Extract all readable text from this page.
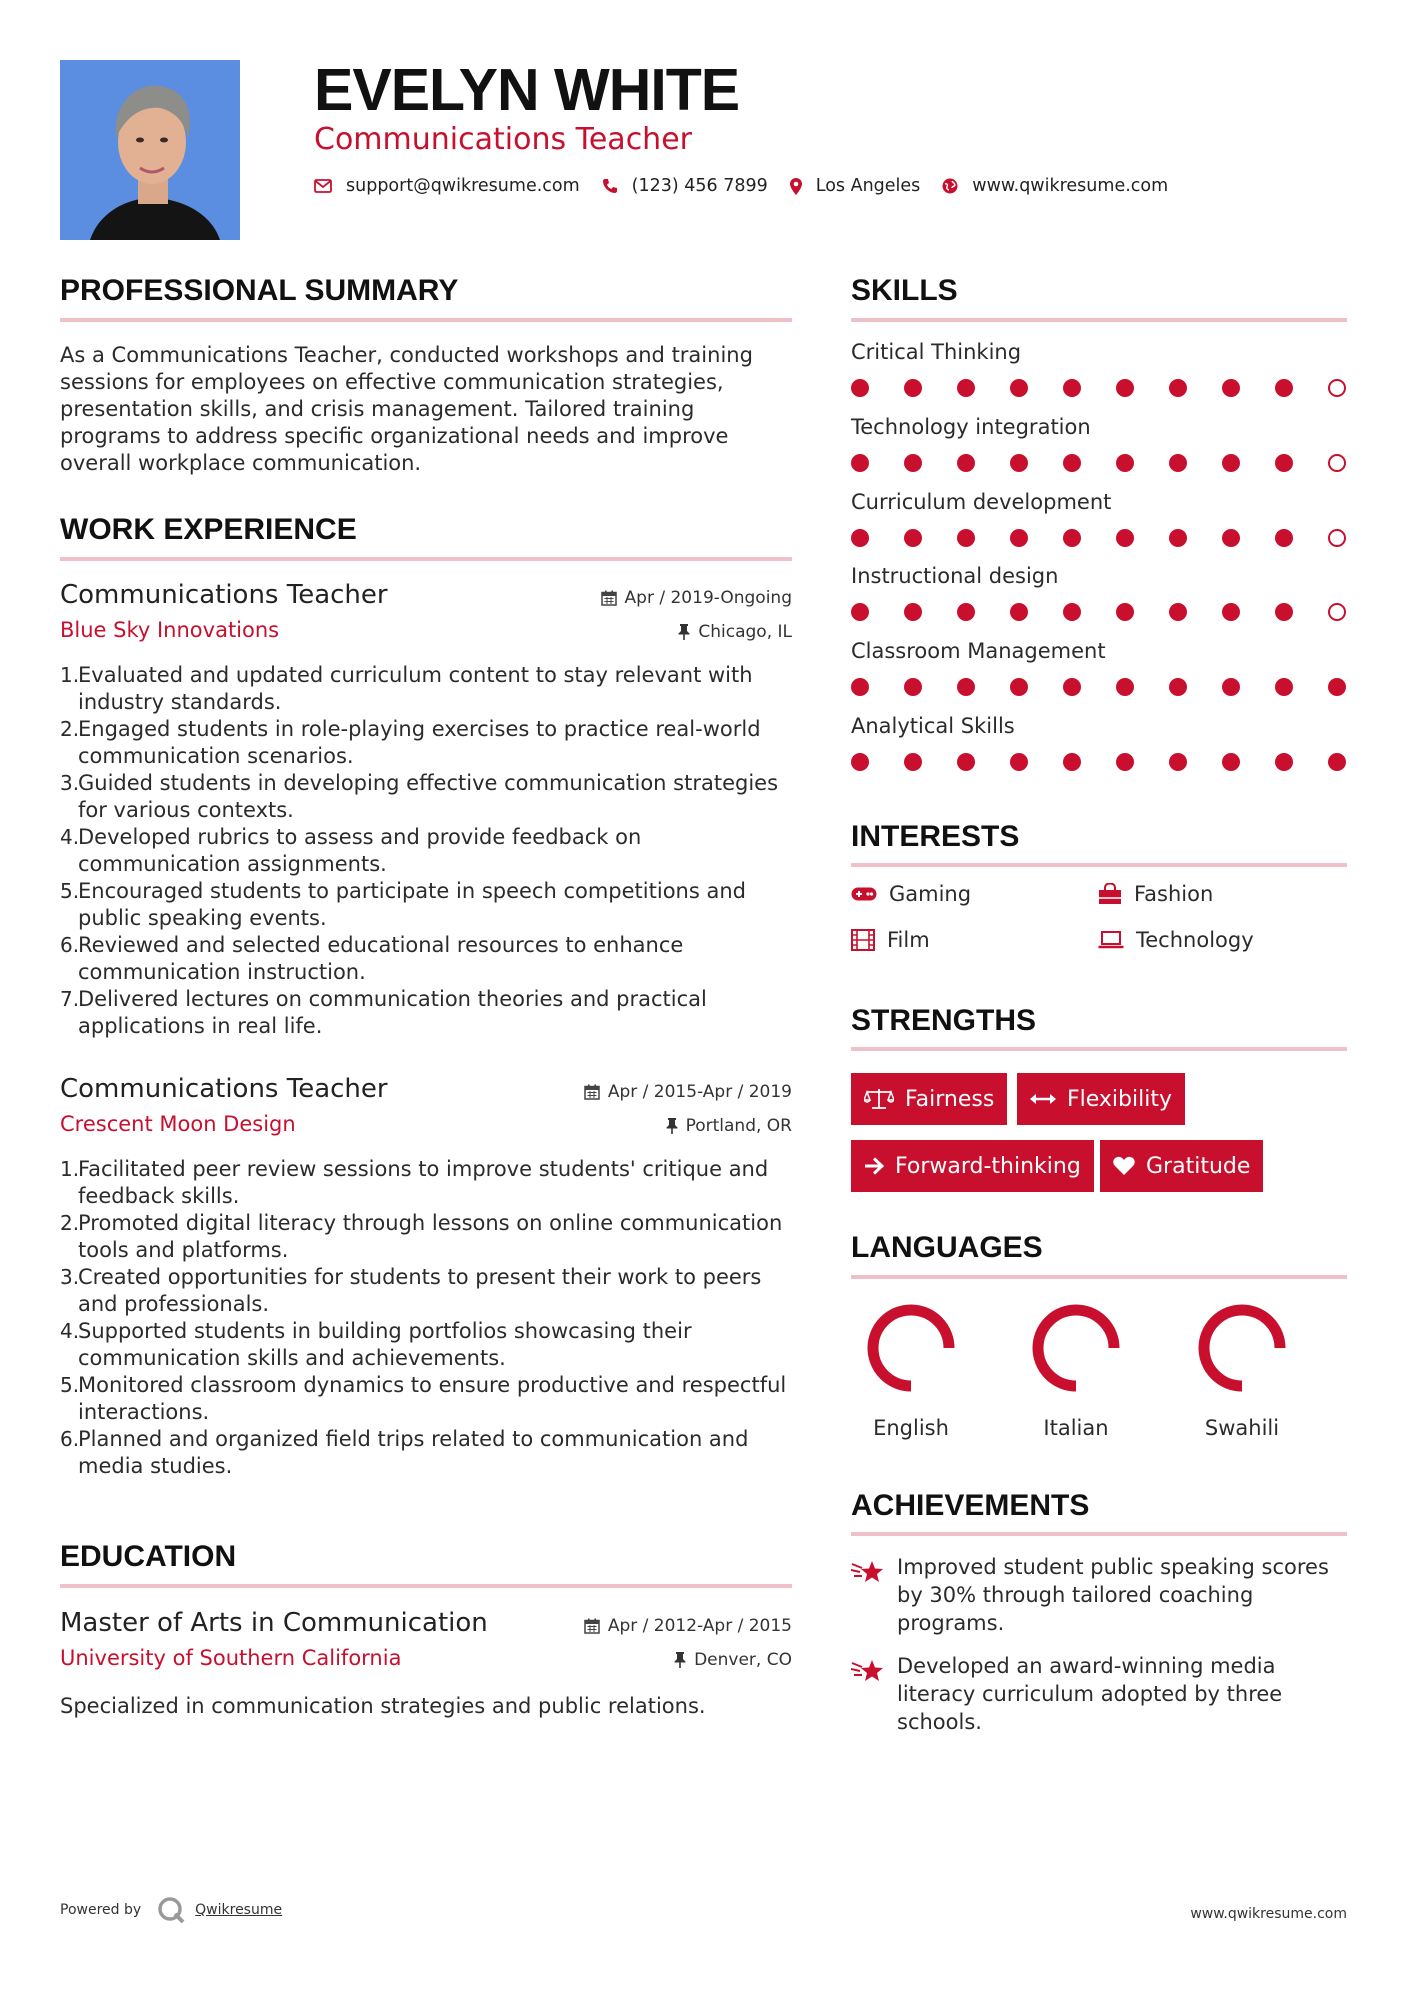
EVELYN WHITE
Communications Teacher
support@qwikresume.com	(123) 456 7899	Los Angeles	www.qwikresume.com
PROFESSIONAL SUMMARY
As a Communications Teacher, conducted workshops and training sessions for employees on effective communication strategies, presentation skills, and crisis management. Tailored training programs to address specific organizational needs and improve overall workplace communication.
WORK EXPERIENCE
Communications Teacher
Blue Sky Innovations
Apr / 2019-Ongoing
Chicago, IL
1.
Evaluated and updated curriculum content to stay relevant with industry standards.
2.
Engaged students in role-playing exercises to practice real-world communication scenarios.
3.
Guided students in developing effective communication strategies for various contexts.
4.
Developed rubrics to assess and provide feedback on communication assignments.
5.
Encouraged students to participate in speech competitions and public speaking events.
6.
Reviewed and selected educational resources to enhance communication instruction.
7.
Delivered lectures on communication theories and practical applications in real life.
Communications Teacher
Crescent Moon Design
Apr / 2015-Apr / 2019
Portland, OR
1.
Facilitated peer review sessions to improve students' critique and feedback skills.
2.
Promoted digital literacy through lessons on online communication tools and platforms.
3.
Created opportunities for students to present their work to peers and professionals.
4.
Supported students in building portfolios showcasing their communication skills and achievements.
5.
Monitored classroom dynamics to ensure productive and respectful interactions.
6.
Planned and organized field trips related to communication and media studies.
EDUCATION
Master of Arts in Communication
University of Southern California
Apr / 2012-Apr / 2015
Denver, CO
Specialized in communication strategies and public relations.
SKILLS
Critical Thinking
Technology integration
Curriculum development
Instructional design
Classroom Management
Analytical Skills
INTERESTS
Gaming	Fashion
Film	Technology
STRENGTHS
Fairness	Flexibility
Forward-thinking	Gratitude
LANGUAGES
English	Italian	Swahili
ACHIEVEMENTS
Improved student public speaking scores by 30% through tailored coaching programs.
Developed an award-winning media literacy curriculum adopted by three schools.
Powered by	Qwikresume	www.qwikresume.com
